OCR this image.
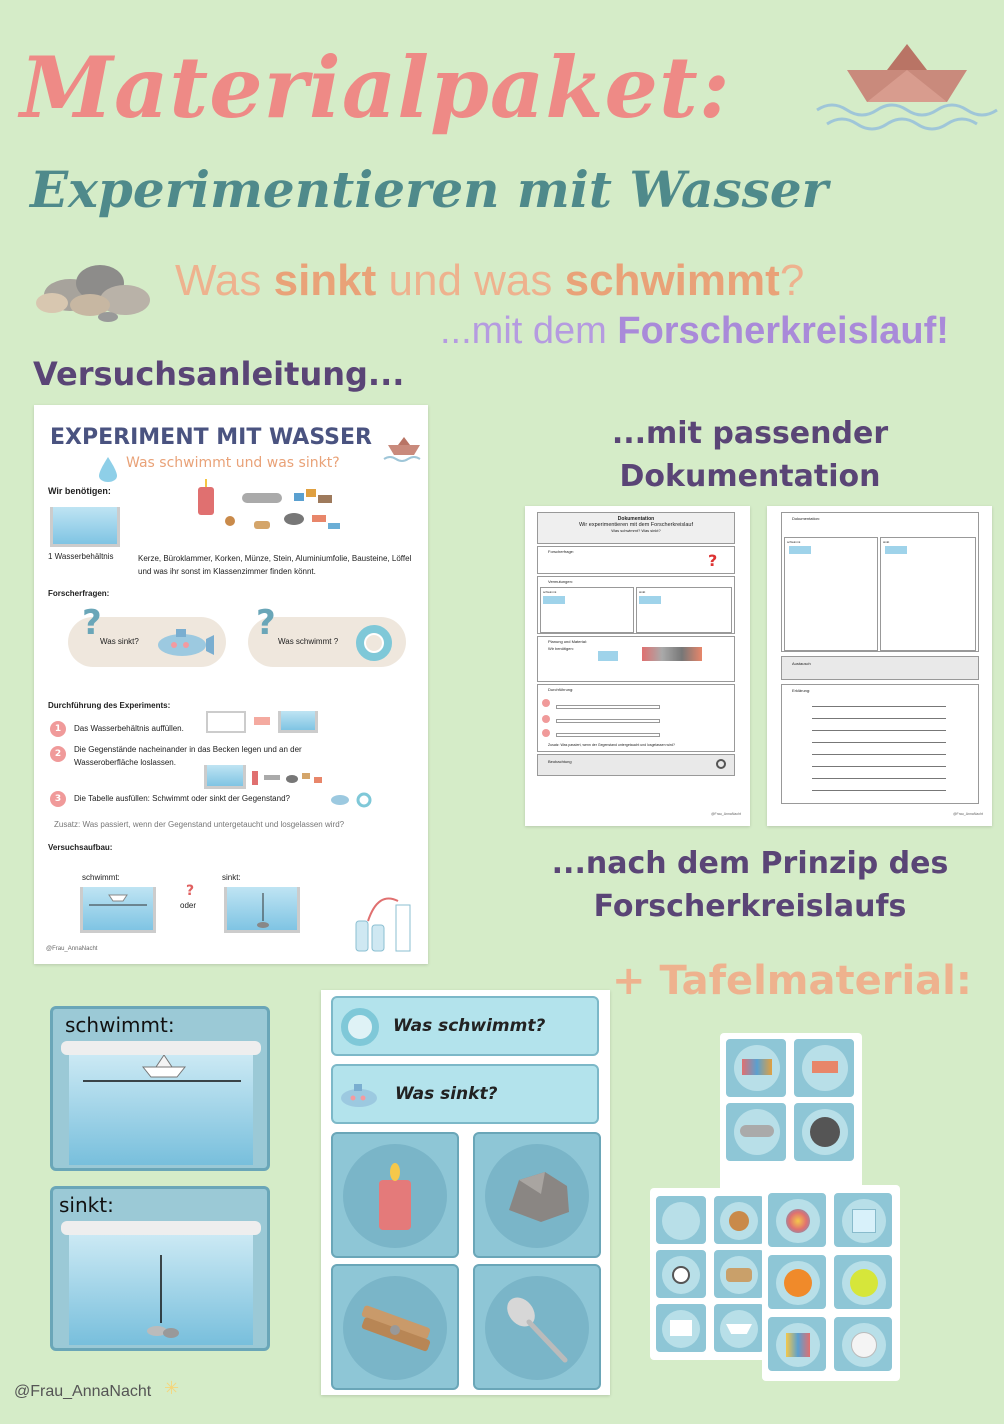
Materialpaket:
Experimentieren mit Wasser
Was sinkt und was schwimmt?
...mit dem Forscherkreislauf!
Versuchsanleitung...
EXPERIMENT MIT WASSER
Was schwimmt und was sinkt?
Wir benötigen:
1 Wasserbehältnis	Kerze, Büroklammer, Korken, Münze, Stein, Aluminiumfolie, Bausteine, Löffel und was ihr sonst im Klassenzimmer finden könnt.
Forscherfragen:
?
Was sinkt?	? Was schwimmt ?
Durchführung des Experiments:
1	Das Wasserbehältnis auffüllen.
2	Die Gegenstände nacheinander in das Becken legen und an der Wasseroberfläche loslassen.
3	Die Tabelle ausfüllen: Schwimmt oder sinkt der Gegenstand?
Zusatz: Was passiert, wenn der Gegenstand untergetaucht und losgelassen wird?
Versuchsaufbau:
schwimmt:
?
oder
sinkt:
@Frau_AnnaNacht
...mit passender
Dokumentation
Dokumentation
Wir experimentieren mit dem Forscherkreislauf
Was schwimmt? Was sinkt?
Forscherfrage:	?
Vermutungen:
schwimmt	sinkt
Planung und Material:
Wir benötigen:
Durchführung:
Zusatz: Was passiert, wenn der Gegenstand untergetaucht und losgelassen wird?
Beobachtung
@Frau_AnnaNacht
Dokumentation:
schwimmt	sinkt
Austausch
Erklärung:
@Frau_AnnaNacht
...nach dem Prinzip des
Forscherkreislaufs
+ Tafelmaterial:
schwimmt:
sinkt:
Was schwimmt?
Was sinkt?
@Frau_AnnaNacht ✳
